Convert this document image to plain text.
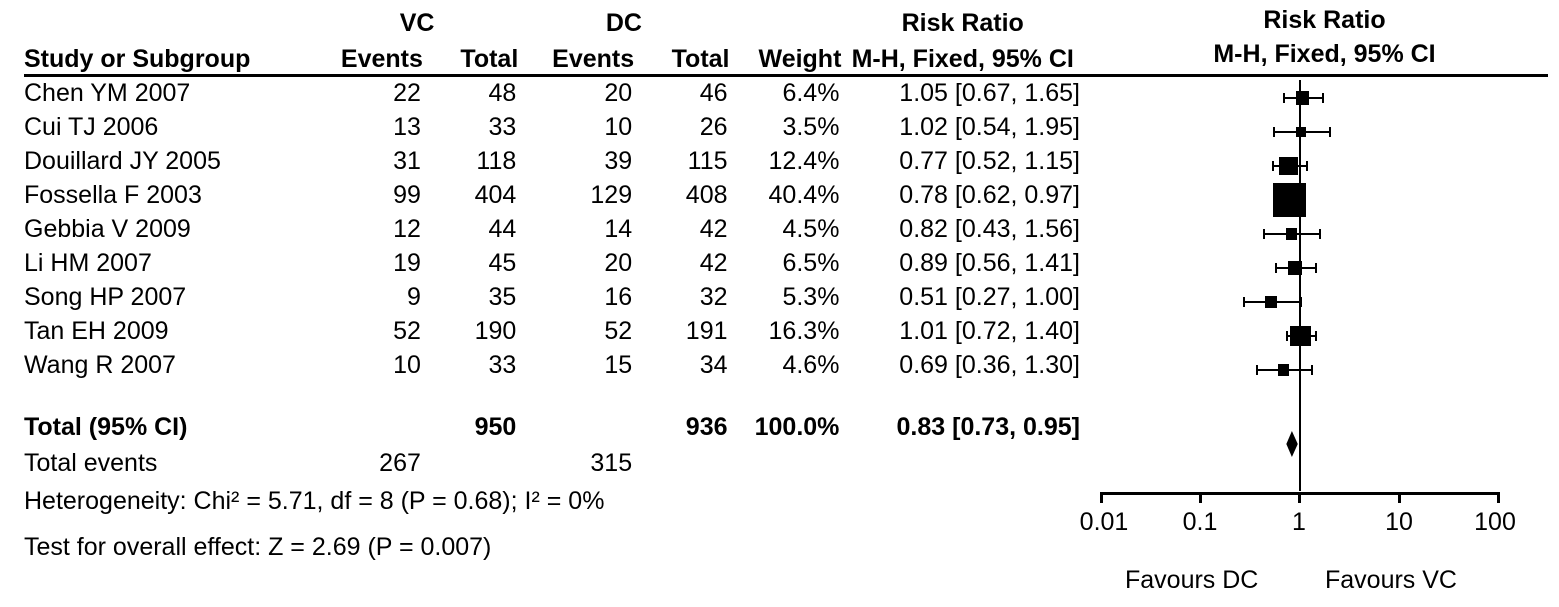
	VC		DC			Risk Ratio
Study or Subgroup	Events	Total	Events	Total	Weight	M-H, Fixed, 95% CI
Chen YM 2007	22	48	20	46	6.4%	1.05 [0.67, 1.65]
Cui TJ 2006	13	33	10	26	3.5%	1.02 [0.54, 1.95]
Douillard JY 2005	31	118	39	115	12.4%	0.77 [0.52, 1.15]
Fossella F 2003	99	404	129	408	40.4%	0.78 [0.62, 0.97]
Gebbia V 2009	12	44	14	42	4.5%	0.82 [0.43, 1.56]
Li HM 2007	19	45	20	42	6.5%	0.89 [0.56, 1.41]
Song HP 2007	9	35	16	32	5.3%	0.51 [0.27, 1.00]
Tan EH 2009	52	190	52	191	16.3%	1.01 [0.72, 1.40]
Wang R 2007	10	33	15	34	4.6%	0.69 [0.36, 1.30]

Total (95% CI)		950		936	100.0%	0.83 [0.73, 0.95]
Total events	267		315			
Heterogeneity: Chi² = 5.71, df = 8 (P = 0.68); I² = 0%
Test for overall effect: Z = 2.69 (P = 0.007)
Risk Ratio
M-H, Fixed, 95% CI
0.01 0.1	1	10 100
Favours DC	Favours VC
